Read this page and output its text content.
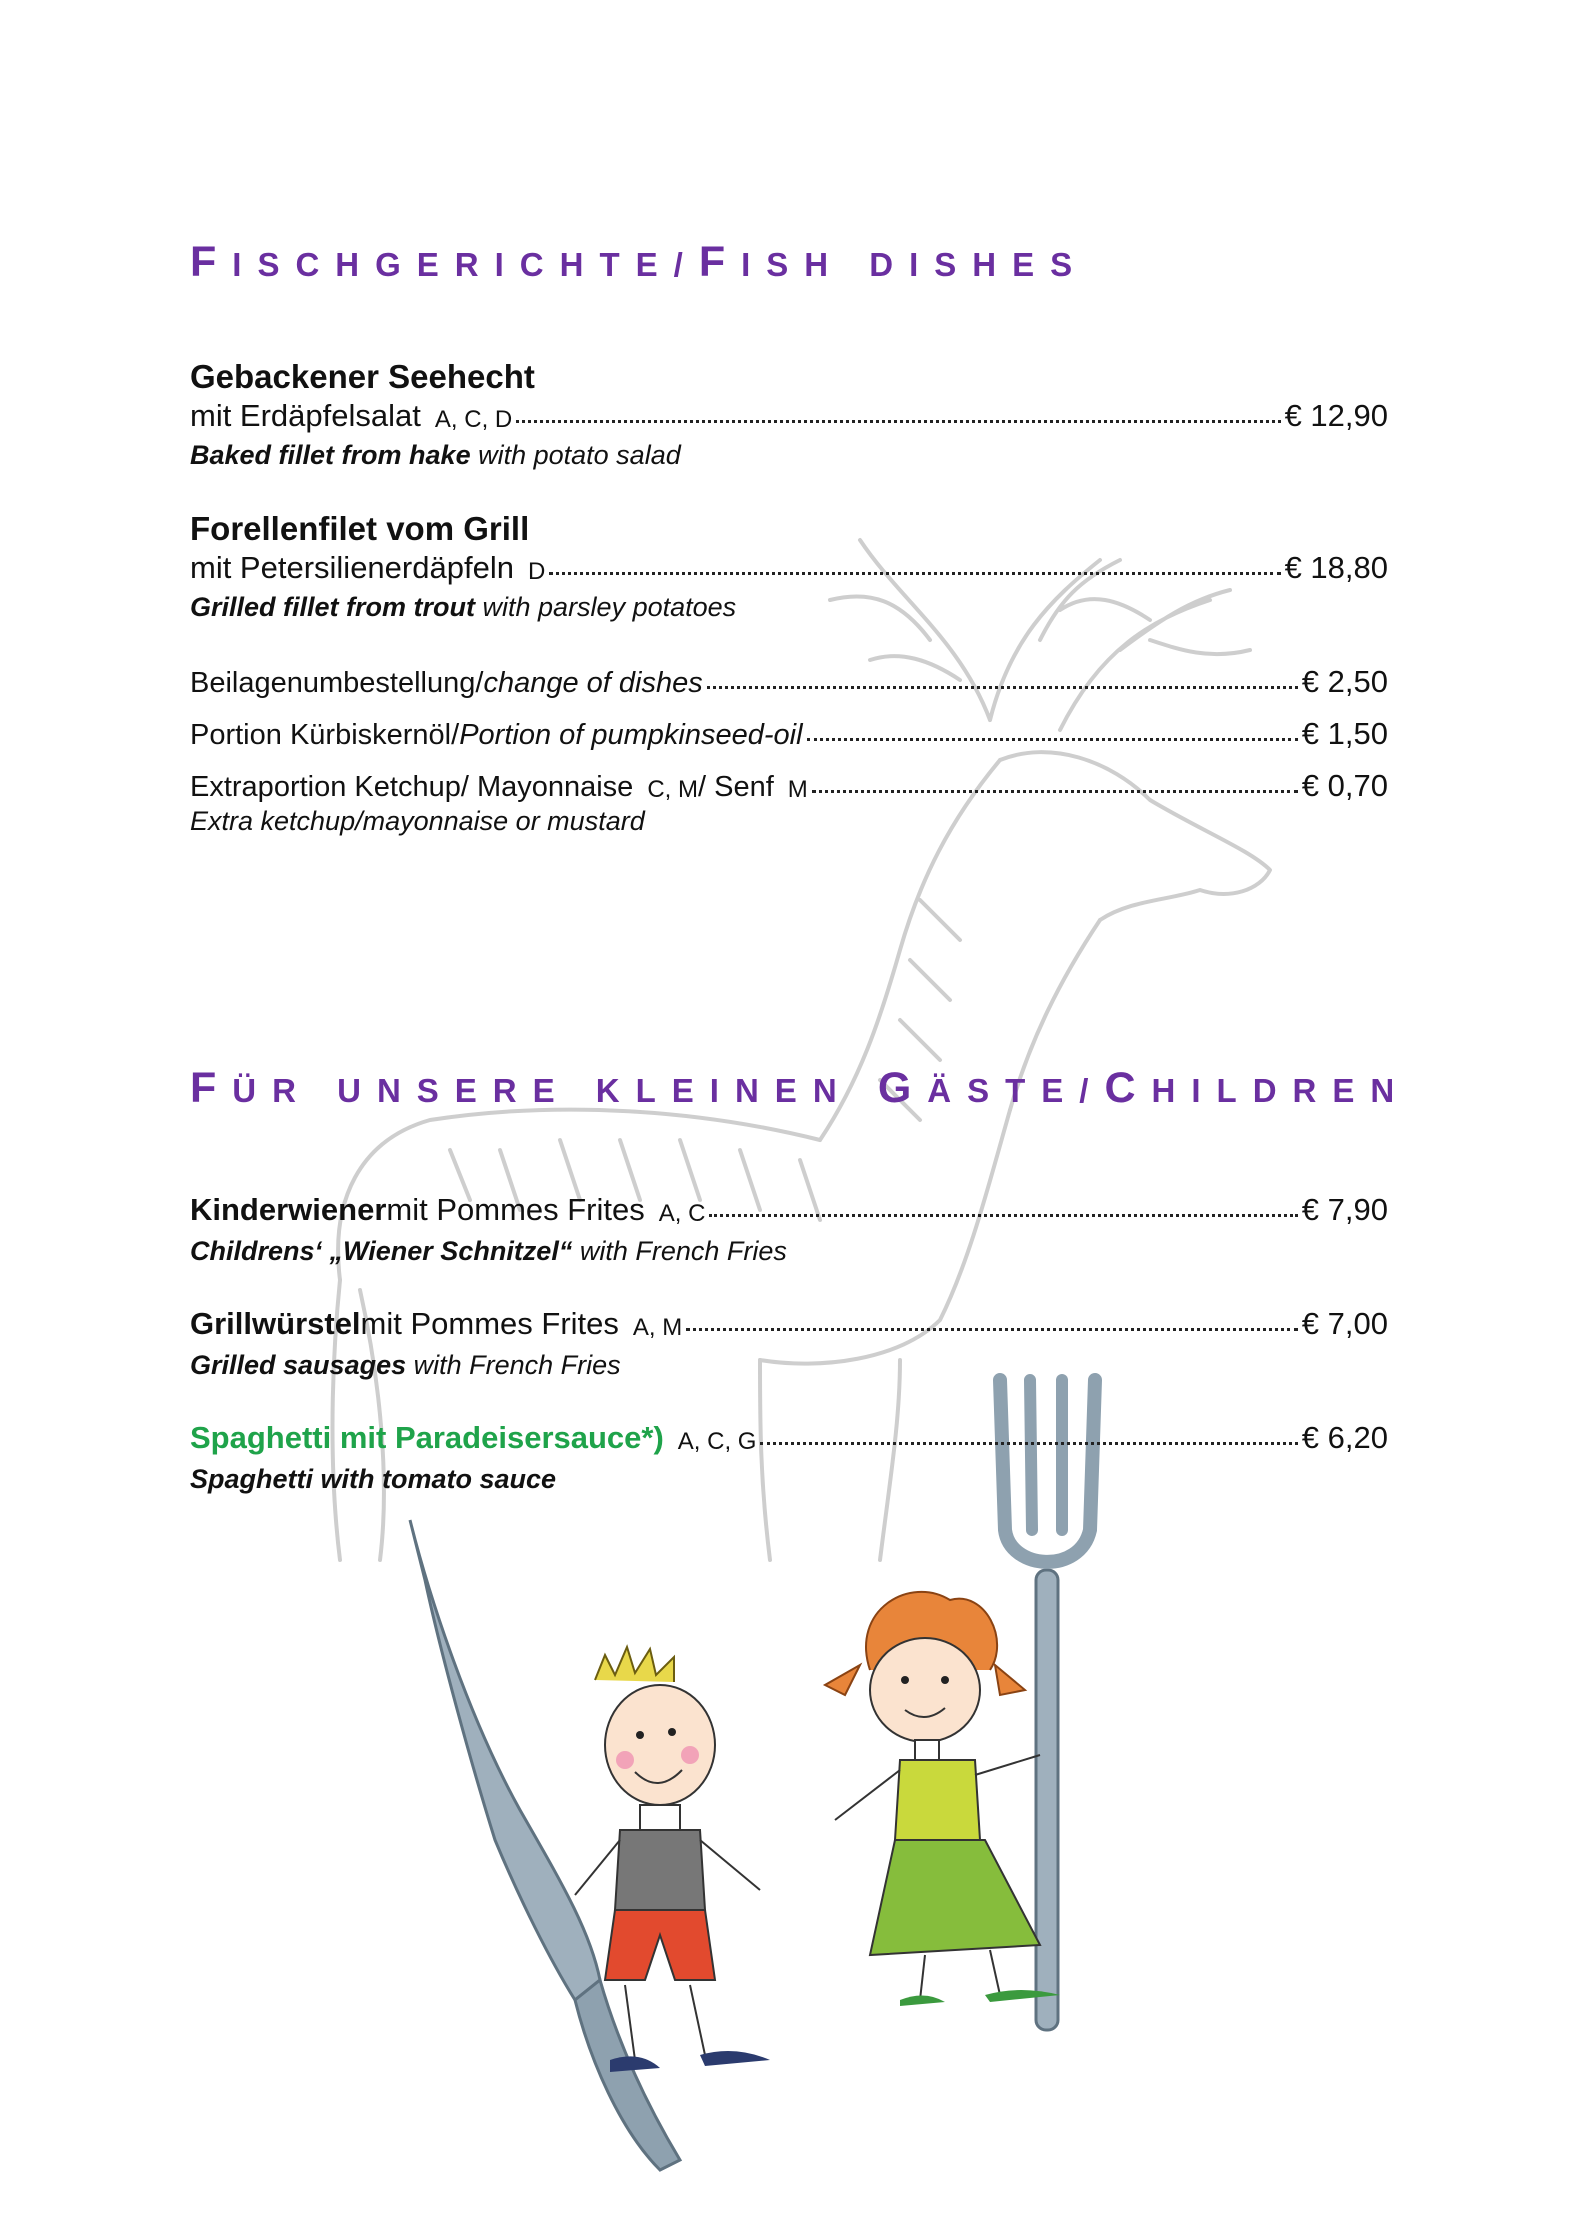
FISCHGERICHTE/FISH DISHES
Gebackener Seehecht
mit Erdäpfelsalat A, C, D	€ 12,90
Baked fillet from hake with potato salad
Forellenfilet vom Grill
mit Petersilienerdäpfeln D	€ 18,80
Grilled fillet from trout with parsley potatoes
Beilagenumbestellung/ change of dishes	€ 2,50
Portion Kürbiskernöl/ Portion of pumpkinseed-oil	€ 1,50
Extraportion Ketchup/ Mayonnaise C, M / Senf M	€ 0,70
Extra ketchup/mayonnaise or mustard
FÜR UNSERE KLEINEN GÄSTE/CHILDREN
Kinderwiener mit Pommes Frites A, C	€ 7,90
Childrens‘ „Wiener Schnitzel“ with French Fries
Grillwürstel mit Pommes Frites A, M	€ 7,00
Grilled sausages with French Fries
Spaghetti mit Paradeisersauce*) A, C, G	€ 6,20
Spaghetti with tomato sauce
